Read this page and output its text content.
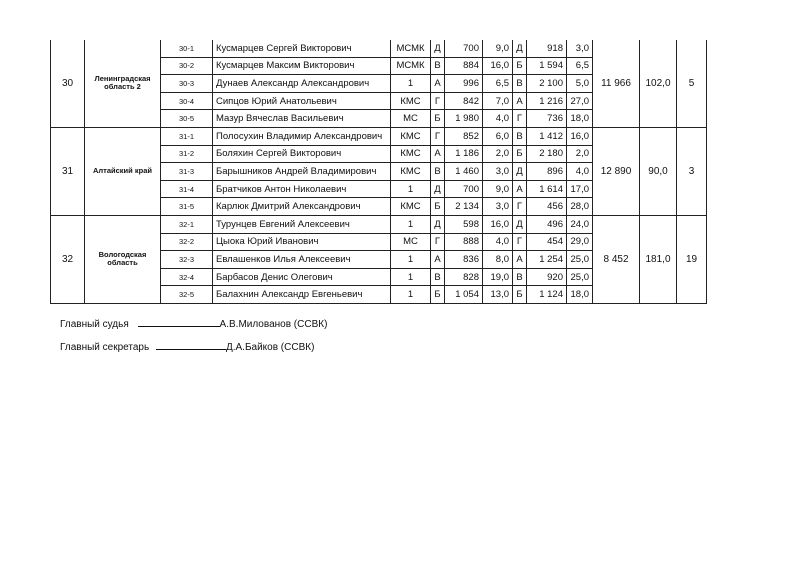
30	Ленинградская область 2	30-1	Кусмарцев Сергей Викторович	МСМК	Д	700	9,0	Д	918	3,0	11 966	102,0	5
		30-2	Кусмарцев Максим Викторович	МСМК	В	884	16,0	Б	1 594	6,5			
		30-3	Дунаев Александр Александрович	1	А	996	6,5	В	2 100	5,0			
		30-4	Сипцов Юрий Анатольевич	КМС	Г	842	7,0	А	1 216	27,0			
		30-5	Мазур Вячеслав Васильевич	МС	Б	1 980	4,0	Г	736	18,0			
31	Алтайский край	31-1	Полосухин Владимир Александрович	КМС	Г	852	6,0	В	1 412	16,0	12 890	90,0	3
		31-2	Боляхин Сергей Викторович	КМС	А	1 186	2,0	Б	2 180	2,0			
		31-3	Барышников Андрей Владимирович	КМС	В	1 460	3,0	Д	896	4,0			
		31-4	Братчиков Антон Николаевич	1	Д	700	9,0	А	1 614	17,0			
		31-5	Карлюк Дмитрий Александрович	КМС	Б	2 134	3,0	Г	456	28,0			
32	Вологодская область	32-1	Турунцев Евгений Алексеевич	1	Д	598	16,0	Д	496	24,0	8 452	181,0	19
		32-2	Цыока Юрий Иванович	МС	Г	888	4,0	Г	454	29,0			
		32-3	Евлашенков Илья Алексеевич	1	А	836	8,0	А	1 254	25,0			
		32-4	Барбасов Денис Олегович	1	В	828	19,0	В	920	25,0			
		32-5	Балахнин Александр Евгеньевич	1	Б	1 054	13,0	Б	1 124	18,0			
Главный судья	А.В.Милованов (ССВК)
Главный секретарь	Д.А.Байков (ССВК)
